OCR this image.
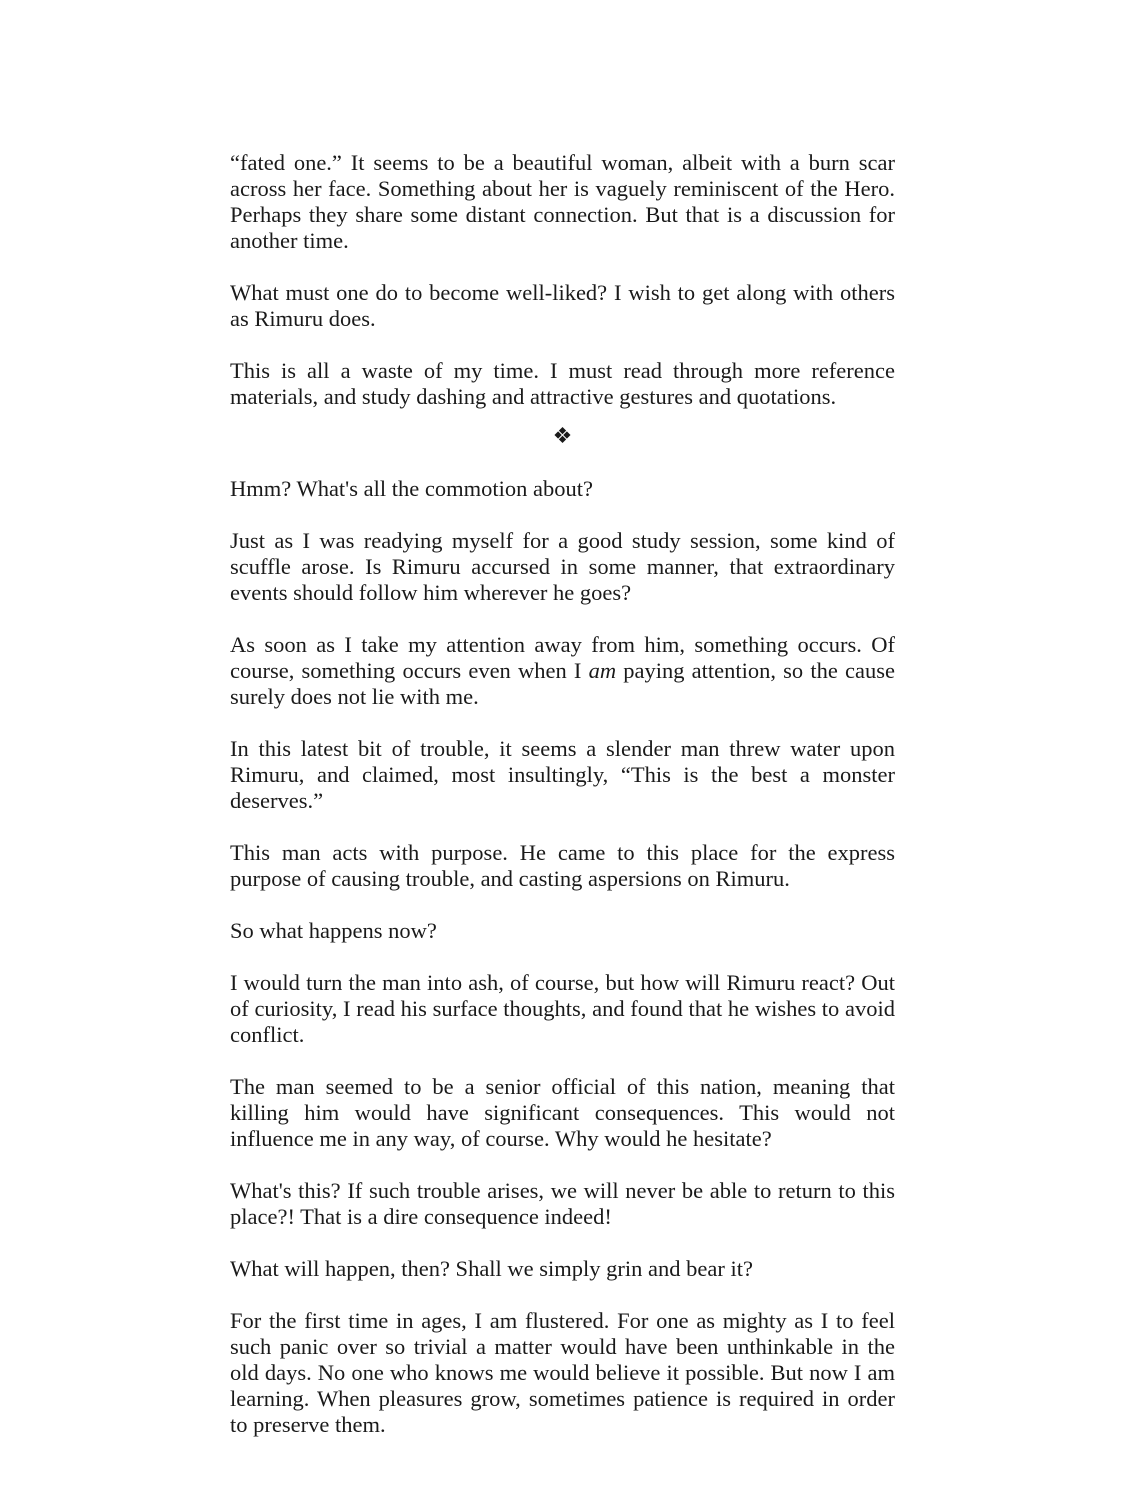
“fated one.” It seems to be a beautiful woman, albeit with a burn scar across her face. Something about her is vaguely reminiscent of the Hero. Perhaps they share some distant connection. But that is a discussion for another time.

What must one do to become well-liked? I wish to get along with others as Rimuru does.

This is all a waste of my time. I must read through more reference materials, and study dashing and attractive gestures and quotations.

❖

Hmm? What's all the commotion about?

Just as I was readying myself for a good study session, some kind of scuffle arose. Is Rimuru accursed in some manner, that extraordinary events should follow him wherever he goes?

As soon as I take my attention away from him, something occurs. Of course, something occurs even when I am paying attention, so the cause surely does not lie with me.

In this latest bit of trouble, it seems a slender man threw water upon Rimuru, and claimed, most insultingly, “This is the best a monster deserves.”

This man acts with purpose. He came to this place for the express purpose of causing trouble, and casting aspersions on Rimuru.

So what happens now?

I would turn the man into ash, of course, but how will Rimuru react? Out of curiosity, I read his surface thoughts, and found that he wishes to avoid conflict.

The man seemed to be a senior official of this nation, meaning that killing him would have significant consequences. This would not influence me in any way, of course. Why would he hesitate?

What's this? If such trouble arises, we will never be able to return to this place?! That is a dire consequence indeed!

What will happen, then? Shall we simply grin and bear it?

For the first time in ages, I am flustered. For one as mighty as I to feel such panic over so trivial a matter would have been unthinkable in the old days. No one who knows me would believe it possible. But now I am learning. When pleasures grow, sometimes patience is required in order to preserve them.
